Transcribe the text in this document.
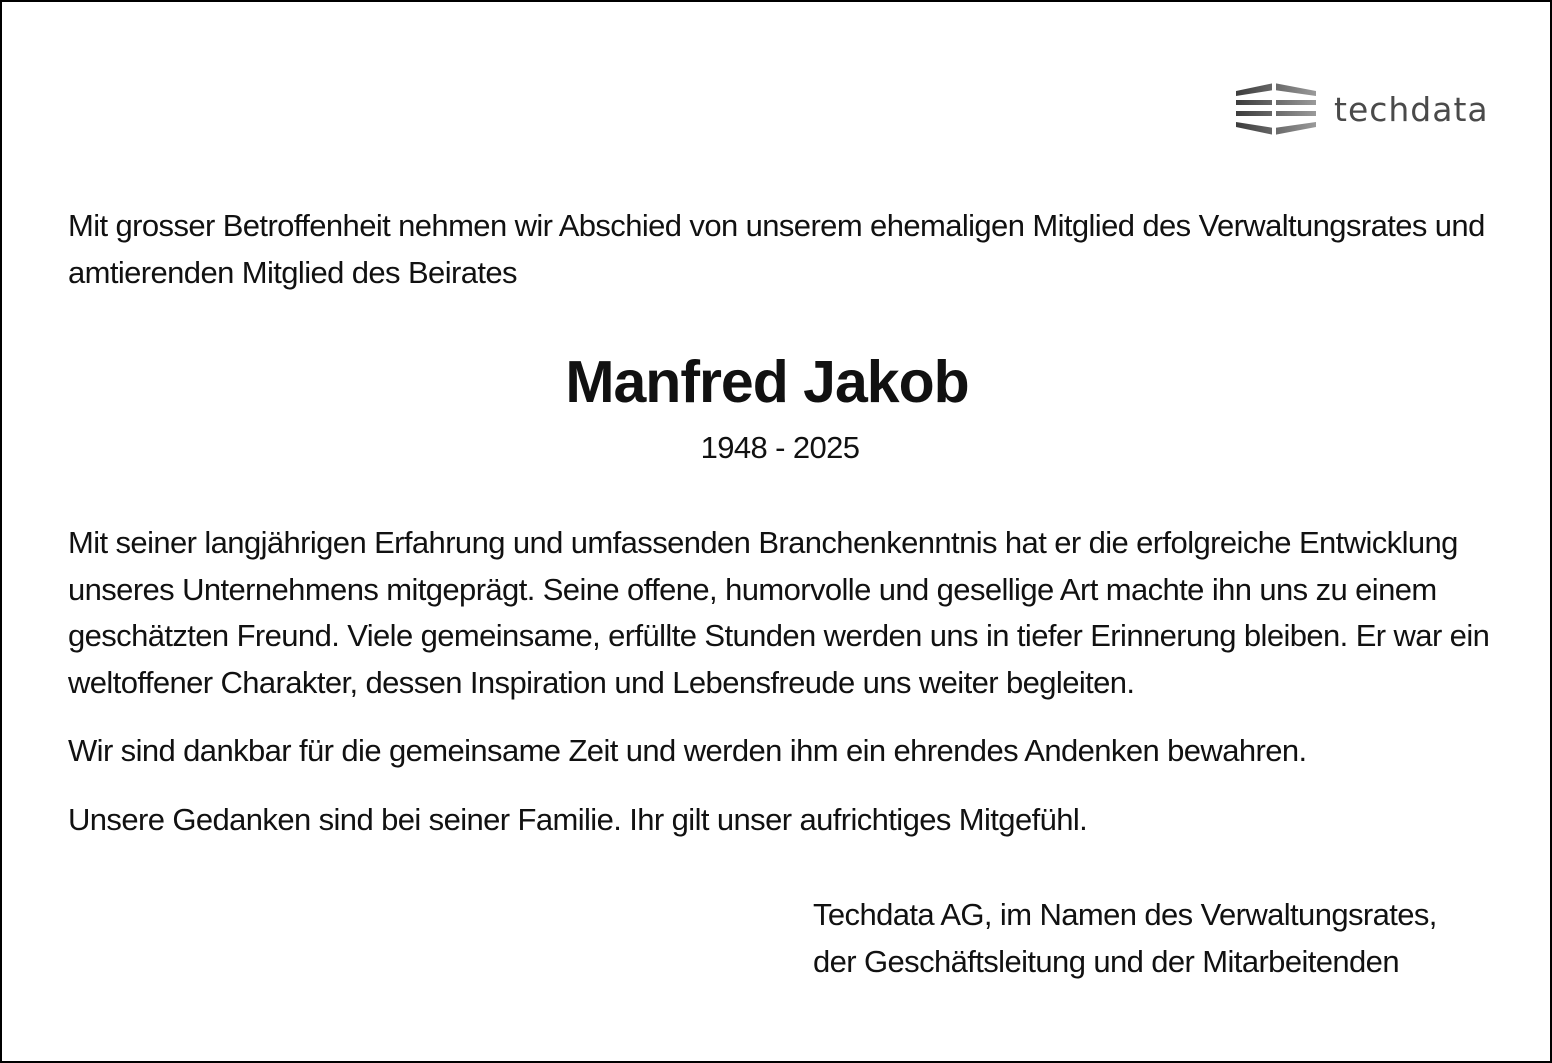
techdata

Mit grosser Betroffenheit nehmen wir Abschied von unserem ehemaligen Mitglied des Verwaltungsrates und amtierenden Mitglied des Beirates

Manfred Jakob
1948 - 2025

Mit seiner langjährigen Erfahrung und umfassenden Branchenkenntnis hat er die erfolgreiche Entwicklung unseres Unternehmens mitgeprägt. Seine offene, humorvolle und gesellige Art machte ihn uns zu einem geschätzten Freund. Viele gemeinsame, erfüllte Stunden werden uns in tiefer Erinnerung bleiben. Er war ein weltoffener Charakter, dessen Inspiration und Lebensfreude uns weiter begleiten.

Wir sind dankbar für die gemeinsame Zeit und werden ihm ein ehrendes Andenken bewahren.

Unsere Gedanken sind bei seiner Familie. Ihr gilt unser aufrichtiges Mitgefühl.

Techdata AG, im Namen des Verwaltungsrates,
der Geschäftsleitung und der Mitarbeitenden
